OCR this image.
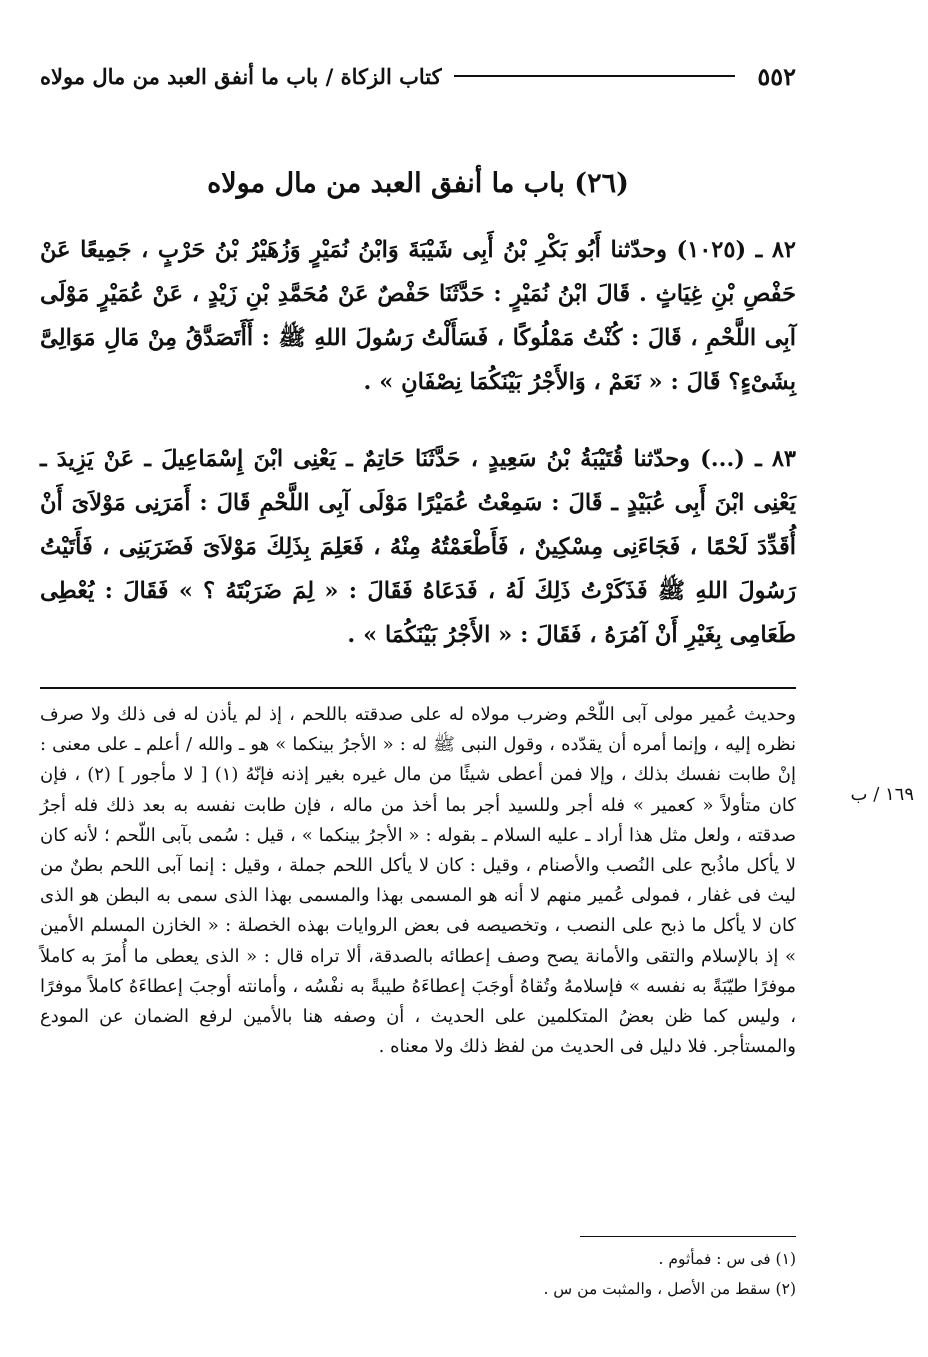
٥٥٢
كتاب الزكاة / باب ما أنفق العبد من مال مولاه
(٢٦) باب ما أنفق العبد من مال مولاه

٨٢ ـ (١٠٢٥) وحدّثنا أَبُو بَكْرِ بْنُ أَبِى شَيْبَةَ وَابْنُ نُمَيْرٍ وَزُهَيْرُ بْنُ حَرْبٍ ، جَمِيعًا عَنْ حَفْصِ بْنِ غِيَاثٍ . قَالَ ابْنُ نُمَيْرٍ : حَدَّثَنَا حَفْصٌ عَنْ مُحَمَّدِ بْنِ زَيْدٍ ، عَنْ عُمَيْرٍ مَوْلَى آبِى اللَّحْمِ ، قَالَ : كُنْتُ مَمْلُوكًا ، فَسَأَلْتُ رَسُولَ اللهِ ﷺ : أَأَتَصَدَّقُ مِنْ مَالِ مَوَالِىَّ بِشَىْءٍ؟ قَالَ : « نَعَمْ ، وَالأَجْرُ بَيْنَكُمَا نِصْفَانِ » .

٨٣ ـ (...) وحدّثنا قُتَيْبَةُ بْنُ سَعِيدٍ ، حَدَّثَنَا حَاتِمٌ ـ يَعْنِى ابْنَ إِسْمَاعِيلَ ـ عَنْ يَزِيدَ ـ يَعْنِى ابْنَ أَبِى عُبَيْدٍ ـ قَالَ : سَمِعْتُ عُمَيْرًا مَوْلَى آبِى اللَّحْمِ قَالَ : أَمَرَنِى مَوْلاَىَ أَنْ أُقَدِّدَ لَحْمًا ، فَجَاءَنِى مِسْكِينٌ ، فَأَطْعَمْتُهُ مِنْهُ ، فَعَلِمَ بِذَلِكَ مَوْلاَىَ فَضَرَبَنِى ، فَأَتَيْتُ رَسُولَ اللهِ ﷺ فَذَكَرْتُ ذَلِكَ لَهُ ، فَدَعَاهُ فَقَالَ : « لِمَ ضَرَبْتَهُ ؟ » فَقَالَ : يُعْطِى طَعَامِى بِغَيْرِ أَنْ آمُرَهُ ، فَقَالَ : « الأَجْرُ بَيْنَكُمَا » .

وحديث عُمير مولى آبى اللّحْم وضرب مولاه له على صدقته باللحم ، إذ لم يأذن له فى ذلك ولا صرف نظره إليه ، وإنما أمره أن يقدّده ، وقول النبى ﷺ له : « الأجرُ بينكما » هو ـ والله / أعلم ـ على معنى : إنْ طابت نفسك بذلك ، وإلا فمن أعطى شيئًا من مال غيره بغير إذنه فإنّهُ (١) [ لا مأجور ] (٢) ، فإن كان متأولاً « كعمير » فله أجر وللسيد أجر بما أخذ من ماله ، فإن طابت نفسه به بعد ذلك فله أجرُ صدقته ، ولعل مثل هذا أراد ـ عليه السلام ـ بقوله : « الأجرُ بينكما » ، قيل : سُمى بآبى اللّحم ؛ لأنه كان لا يأكل ماذُبح على النُصب والأصنام ، وقيل : كان لا يأكل اللحم جملة ، وقيل : إنما آبى اللحم بطنٌ من ليث فى غفار ، فمولى عُمير منهم لا أنه هو المسمى بهذا والمسمى بهذا الذى سمى به البطن هو الذى كان لا يأكل ما ذبح على النصب ، وتخصيصه فى بعض الروايات بهذه الخصلة : « الخازن المسلم الأمين » إذ بالإسلام والتقى والأمانة يصح وصف إعطائه بالصدقة، ألا تراه قال : « الذى يعطى ما أُمرَ به كاملاً موفرًا طيّبَةً به نفسه » فإسلامهُ وتُقاهُ أوجَبَ إعطاءَهُ طيبةً به نفْسُه ، وأمانته أوجبَ إعطاءَهُ كاملاً موفرًا ، وليس كما ظن بعضُ المتكلمين على الحديث ، أن وصفه هنا بالأمين لرفع الضمان عن المودع والمستأجر. فلا دليل فى الحديث من لفظ ذلك ولا معناه .

١٦٩ / ب
(١) فى س : فمأثوم .
(٢) سقط من الأصل ، والمثبت من س .
